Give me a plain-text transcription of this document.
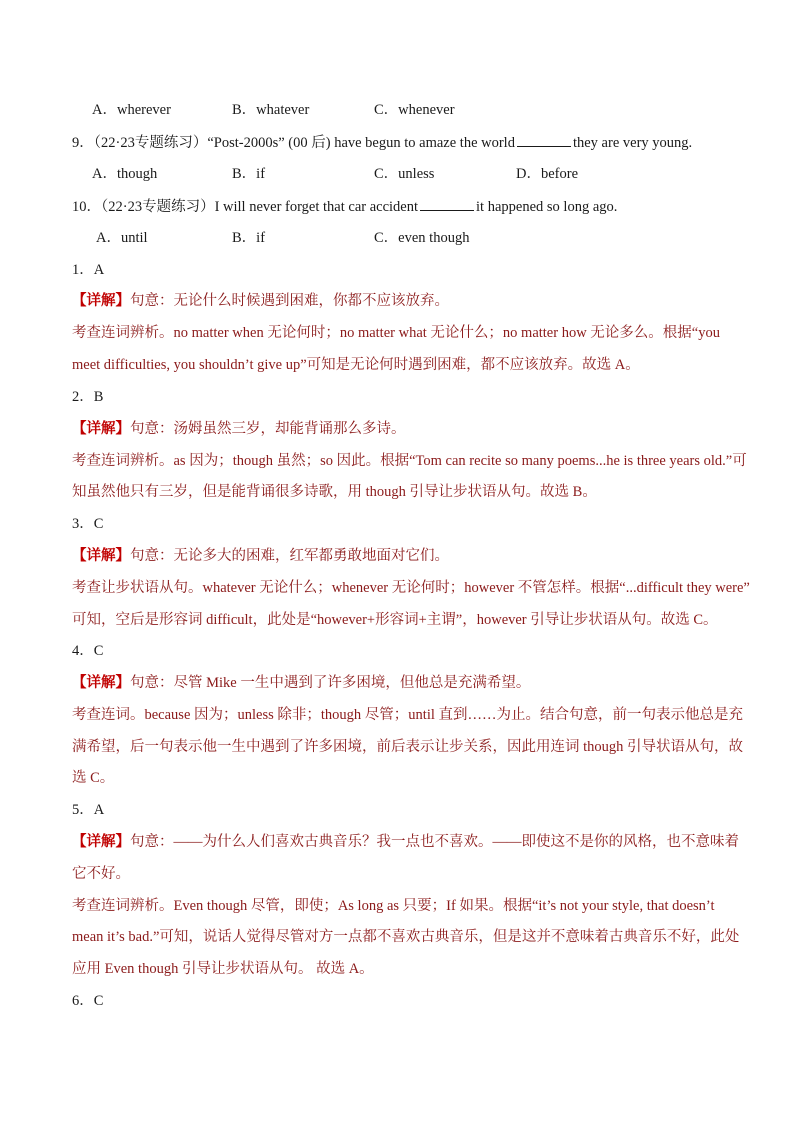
A．wherever	B．whatever	C．whenever
9．（22·23专题练习）“Post-2000s” (00 后) have begun to amaze the world	they are very young.
A．though	B．if	C．unless	D．before
10．（22·23专题练习）I will never forget that car accident	it happened so long ago.
A．until	B．if	C．even though
1．A
【详解】句意：无论什么时候遇到困难，你都不应该放弃。
考查连词辨析。no matter when 无论何时；no matter what 无论什么；no matter how 无论多么。根据“you
meet difficulties, you shouldn’t give up”可知是无论何时遇到困难，都不应该放弃。故选 A。
2．B
【详解】句意：汤姆虽然三岁，却能背诵那么多诗。
考查连词辨析。as 因为；though 虽然；so 因此。根据“Tom can recite so many poems...he is three years old.”可
知虽然他只有三岁，但是能背诵很多诗歌，用 though 引导让步状语从句。故选 B。
3．C
【详解】句意：无论多大的困难，红军都勇敢地面对它们。
考查让步状语从句。whatever 无论什么；whenever 无论何时；however 不管怎样。根据“...difficult they were”
可知，空后是形容词 difficult，此处是“however+形容词+主谓”，however 引导让步状语从句。故选 C。
4．C
【详解】句意：尽管 Mike 一生中遇到了许多困境，但他总是充满希望。
考查连词。because 因为；unless 除非；though 尽管；until 直到……为止。结合句意，前一句表示他总是充
满希望，后一句表示他一生中遇到了许多困境，前后表示让步关系，因此用连词 though 引导状语从句，故
选 C。
5．A
【详解】句意：——为什么人们喜欢古典音乐？我一点也不喜欢。——即使这不是你的风格，也不意味着
它不好。
考查连词辨析。Even though 尽管，即使；As long as 只要；If 如果。根据“it’s not your style, that doesn’t
mean it’s bad.”可知，说话人觉得尽管对方一点都不喜欢古典音乐，但是这并不意味着古典音乐不好，此处
应用 Even though 引导让步状语从句。 故选 A。
6．C
